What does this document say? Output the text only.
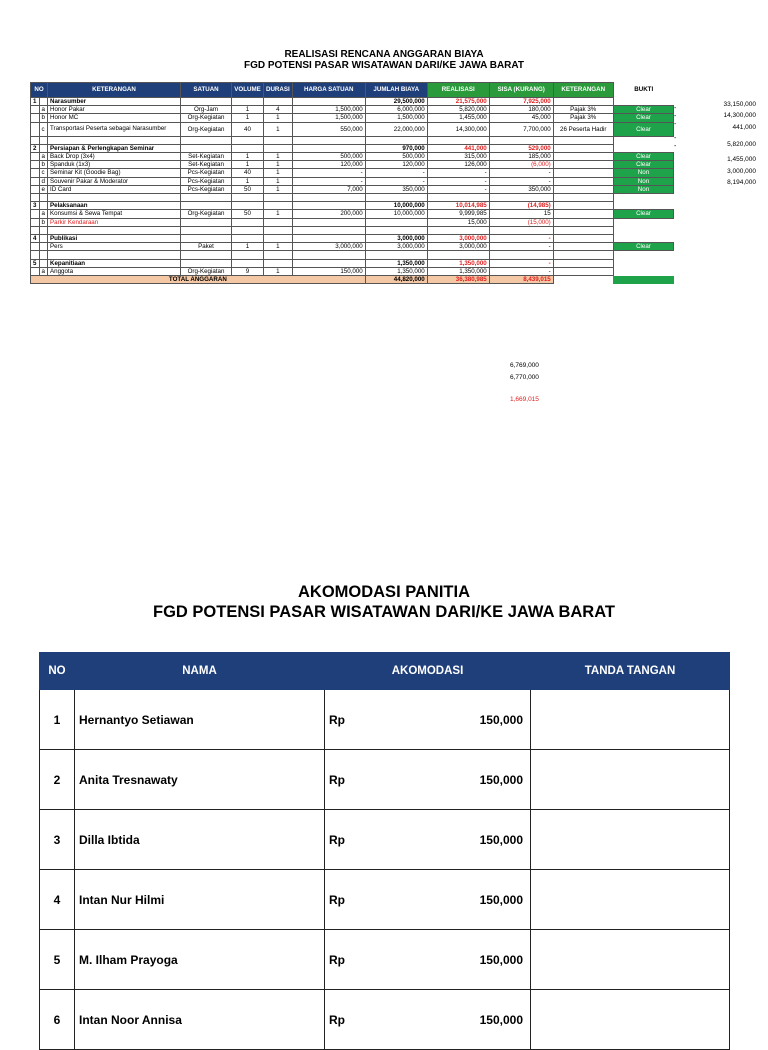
REALISASI RENCANA ANGGARAN BIAYA
FGD POTENSI PASAR WISATAWAN DARI/KE JAWA BARAT
NO		KETERANGAN	SATUAN	VOLUME	DURASI	HARGA SATUAN	JUMLAH BIAYA	REALISASI	SISA (KURANG)	KETERANGAN	BUKTI
1		Narasumber					29,500,000	21,575,000	7,925,000		
	a	Honor Pakar	Org-Jam	1	4	1,500,000	6,000,000	5,820,000	180,000	Pajak 3%	Clear
	b	Honor MC	Org-Kegiatan	1	1	1,500,000	1,500,000	1,455,000	45,000	Pajak 3%	Clear
	c	Transportasi Peserta sebagai Narasumber	Org-Kegiatan	40	1	550,000	22,000,000	14,300,000	7,700,000	26 Peserta Hadir	Clear

2		Persiapan & Perlengkapan Seminar					970,000	441,000	529,000		
	a	Back Drop (3x4)	Set-Kegiatan	1	1	500,000	500,000	315,000	185,000		Clear
	b	Spanduk (1x3)	Set-Kegiatan	1	1	120,000	120,000	126,000	(6,000)		Clear
	c	Seminar Kit (Goodie Bag)	Pcs-Kegiatan	40	1	-	-	-	-		Non
	d	Souvenir Pakar & Moderator	Pcs-Kegiatan	1	1	-	-	-	-		Non
	e	ID Card	Pcs-Kegiatan	50	1	7,000	350,000	-	350,000		Non

3		Pelaksanaan					10,000,000	10,014,985	(14,985)		
	a	Konsumsi & Sewa Tempat	Org-Kegiatan	50	1	200,000	10,000,000	9,999,985	15		Clear
	b	Parkir Kendaraan						15,000	(15,000)		

4		Publikasi					3,000,000	3,000,000	-		
		Pers	Paket	1	1	3,000,000	3,000,000	3,000,000	-		Clear

5		Kepanitiaan					1,350,000	1,350,000	-		
	a	Anggota	Org-Kegiatan	9	1	150,000	1,350,000	1,350,000	-		
TOTAL ANGGARAN							44,820,000	36,380,985	8,439,015		
33,150,000
14,300,000
441,000
5,820,000
1,455,000
3,000,000
8,194,000
6,769,000
6,770,000
1,669,015
AKOMODASI PANITIA
FGD POTENSI PASAR WISATAWAN DARI/KE JAWA BARAT
NO	NAMA	AKOMODASI	TANDA TANGAN
1	Hernantyo Setiawan	Rp 150,000	

2	Anita Tresnawaty	Rp 150,000	

3	Dilla Ibtida	Rp 150,000	

4	Intan Nur Hilmi	Rp 150,000	

5	M. Ilham Prayoga	Rp 150,000	

6	Intan Noor Annisa	Rp 150,000	

-
-
-
-
-
